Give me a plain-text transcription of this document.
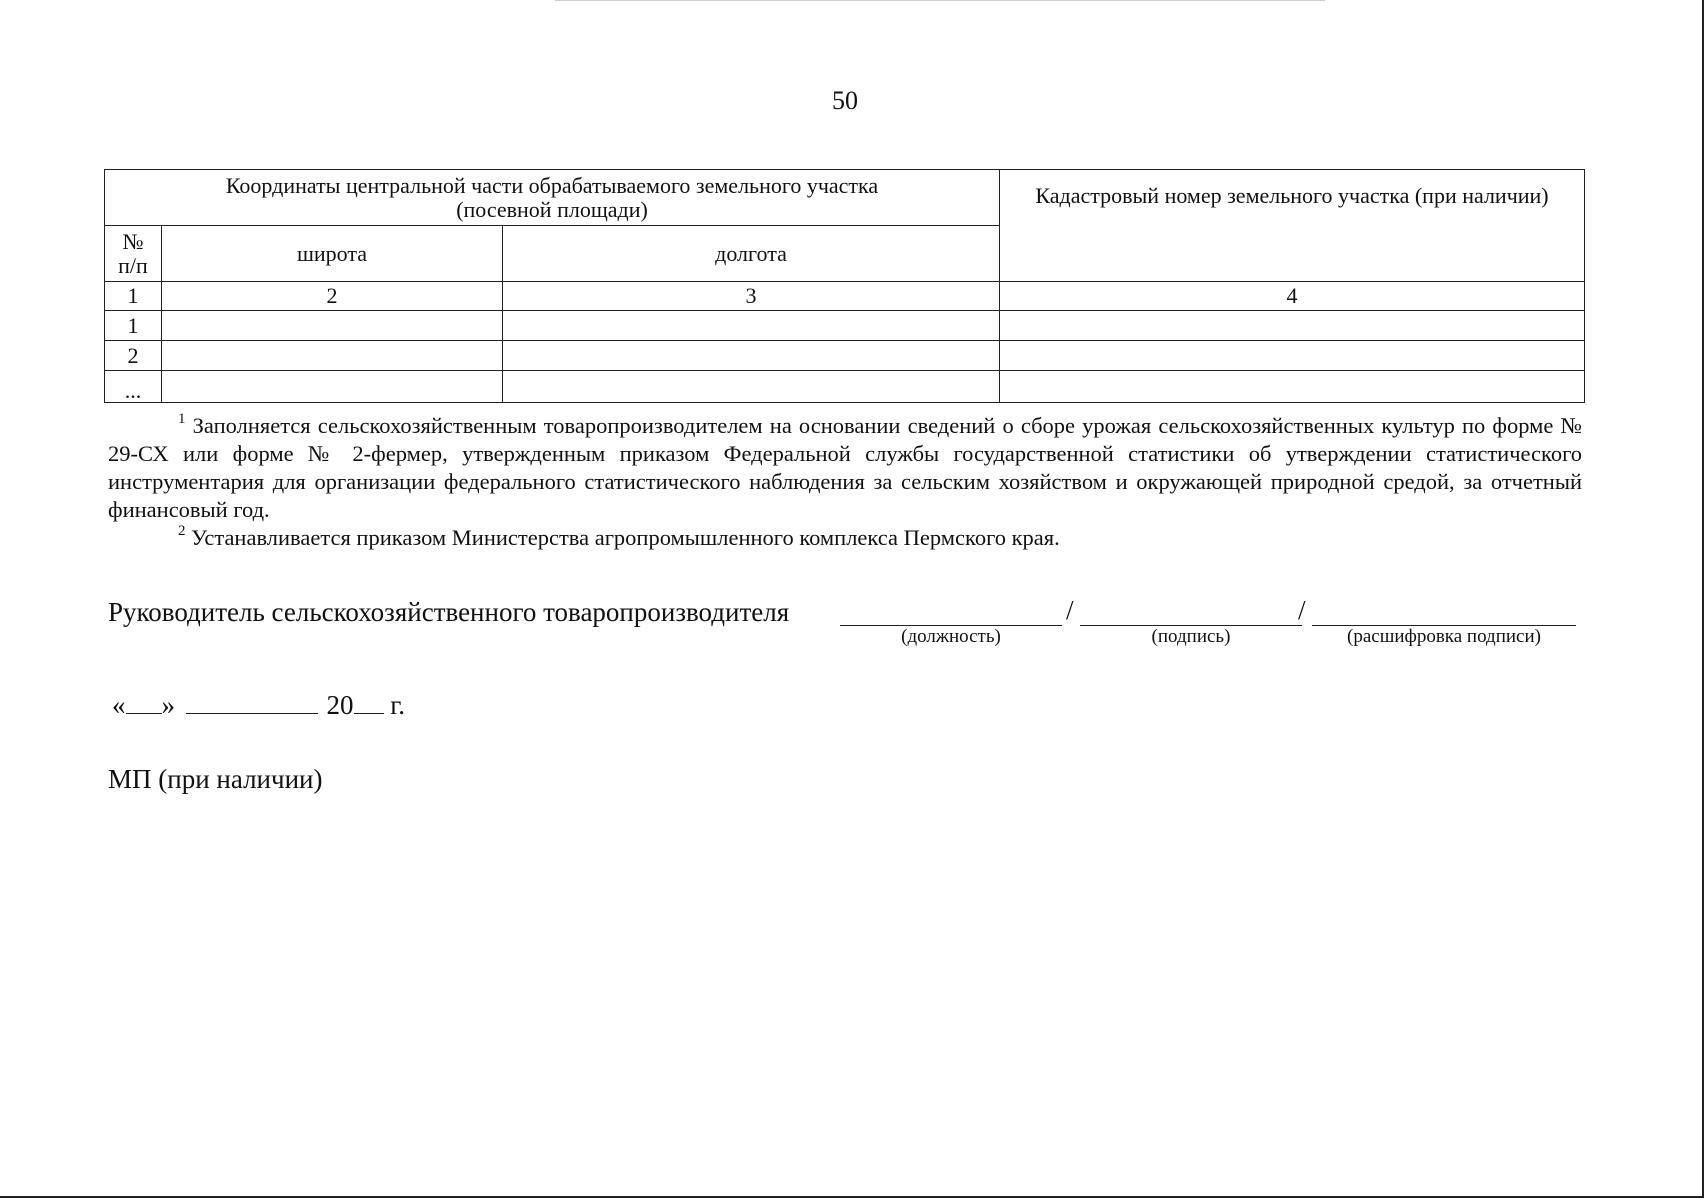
50
Координаты центральной части обрабатываемого земельного участка (посевной площади)			Кадастровый номер земельного участка (при наличии)
№ п/п	широта	долгота	
1	2	3	4
1			
2			
...			

$^1$ Заполняется сельскохозяйственным товаропроизводителем на основании сведений о сборе урожая сельскохозяйственных культур по форме № 29-СХ или форме № 2-фермер, утвержденным приказом Федеральной службы государственной статистики об утверждении статистического инструментария для организации федерального статистического наблюдения за сельским хозяйством и окружающей природной средой, за отчетный финансовый год.

$^2$ Устанавливается приказом Министерства агропромышленного комплекса Пермского края.

Руководитель сельскохозяйственного товаропроизводителя	/	/
(должность)	(подпись)	(расшифровка подписи)
« »	20 г.
МП (при наличии)
